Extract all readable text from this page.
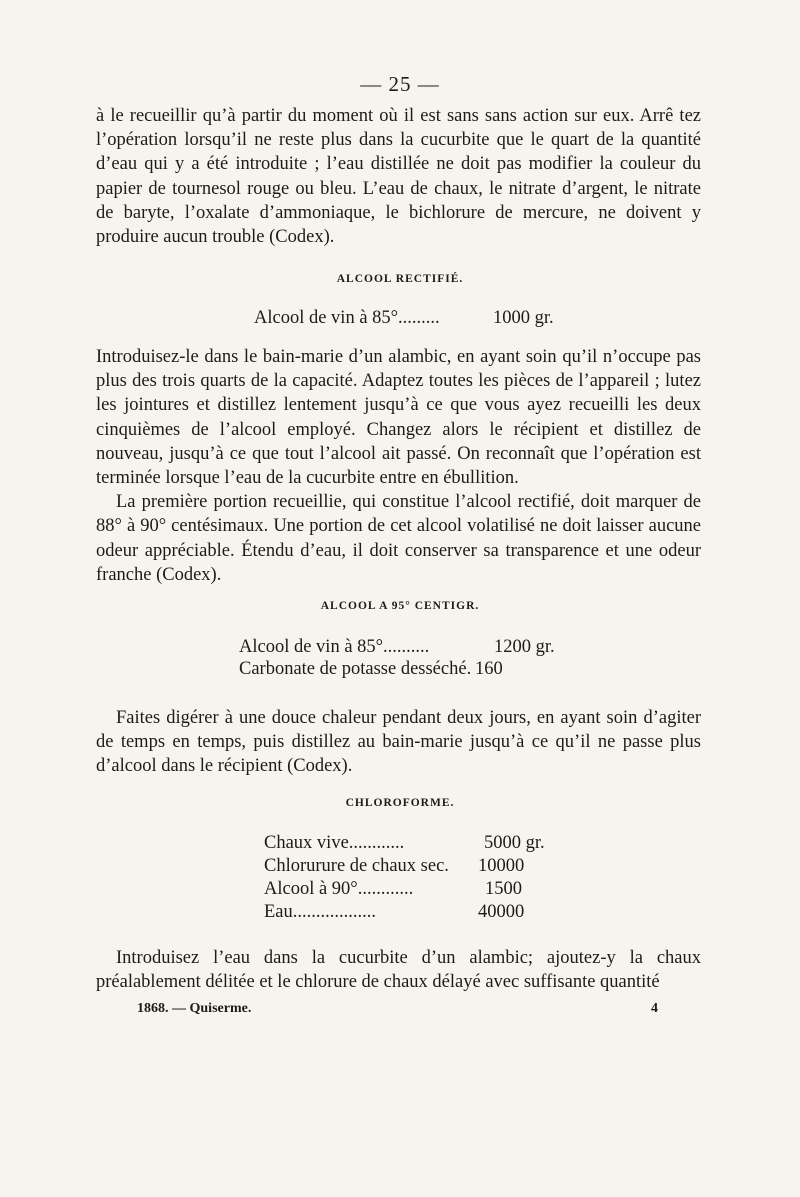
— 25 —

à le recueillir qu’à partir du moment où il est sans sans action sur eux. Arrê tez l’opération lorsqu’il ne reste plus dans la cucurbite que le quart de la quantité d’eau qui y a été introduite ; l’eau distillée ne doit pas modifier la couleur du papier de tournesol rouge ou bleu. L’eau de chaux, le nitrate d’argent, le nitrate de baryte, l’oxalate d’ammoniaque, le bichlorure de mercure, ne doivent y produire aucun trouble (Codex).

ALCOOL RECTIFIÉ.
Alcool de vin à 85°.........	1000 gr.

Introduisez-le dans le bain-marie d’un alambic, en ayant soin qu’il n’occupe pas plus des trois quarts de la capacité. Adaptez toutes les pièces de l’appareil ; lutez les jointures et distillez lentement jusqu’à ce que vous ayez recueilli les deux cinquièmes de l’alcool employé. Changez alors le récipient et distillez de nouveau, jusqu’à ce que tout l’alcool ait passé. On reconnaît que l’opération est terminée lorsque l’eau de la cucurbite entre en ébullition.

La première portion recueillie, qui constitue l’alcool rectifié, doit marquer de 88° à 90° centésimaux. Une portion de cet alcool volatilisé ne doit laisser aucune odeur appréciable. Étendu d’eau, il doit conserver sa transparence et une odeur franche (Codex).

ALCOOL A 95° CENTIGR.
Alcool de vin à 85°..........	1200 gr.
Carbonate de potasse desséché. 160

Faites digérer à une douce chaleur pendant deux jours, en ayant soin d’agiter de temps en temps, puis distillez au bain-marie jusqu’à ce qu’il ne passe plus d’alcool dans le récipient (Codex).

CHLOROFORME.
Chaux vive............	5000 gr.
Chlorurure de chaux sec. 10000
Alcool à 90°............	1500
Eau..................	40000

Introduisez l’eau dans la cucurbite d’un alambic; ajoutez-y la chaux préalablement délitée et le chlorure de chaux délayé avec suffisante quantité

1868. — Quiserme.	4
